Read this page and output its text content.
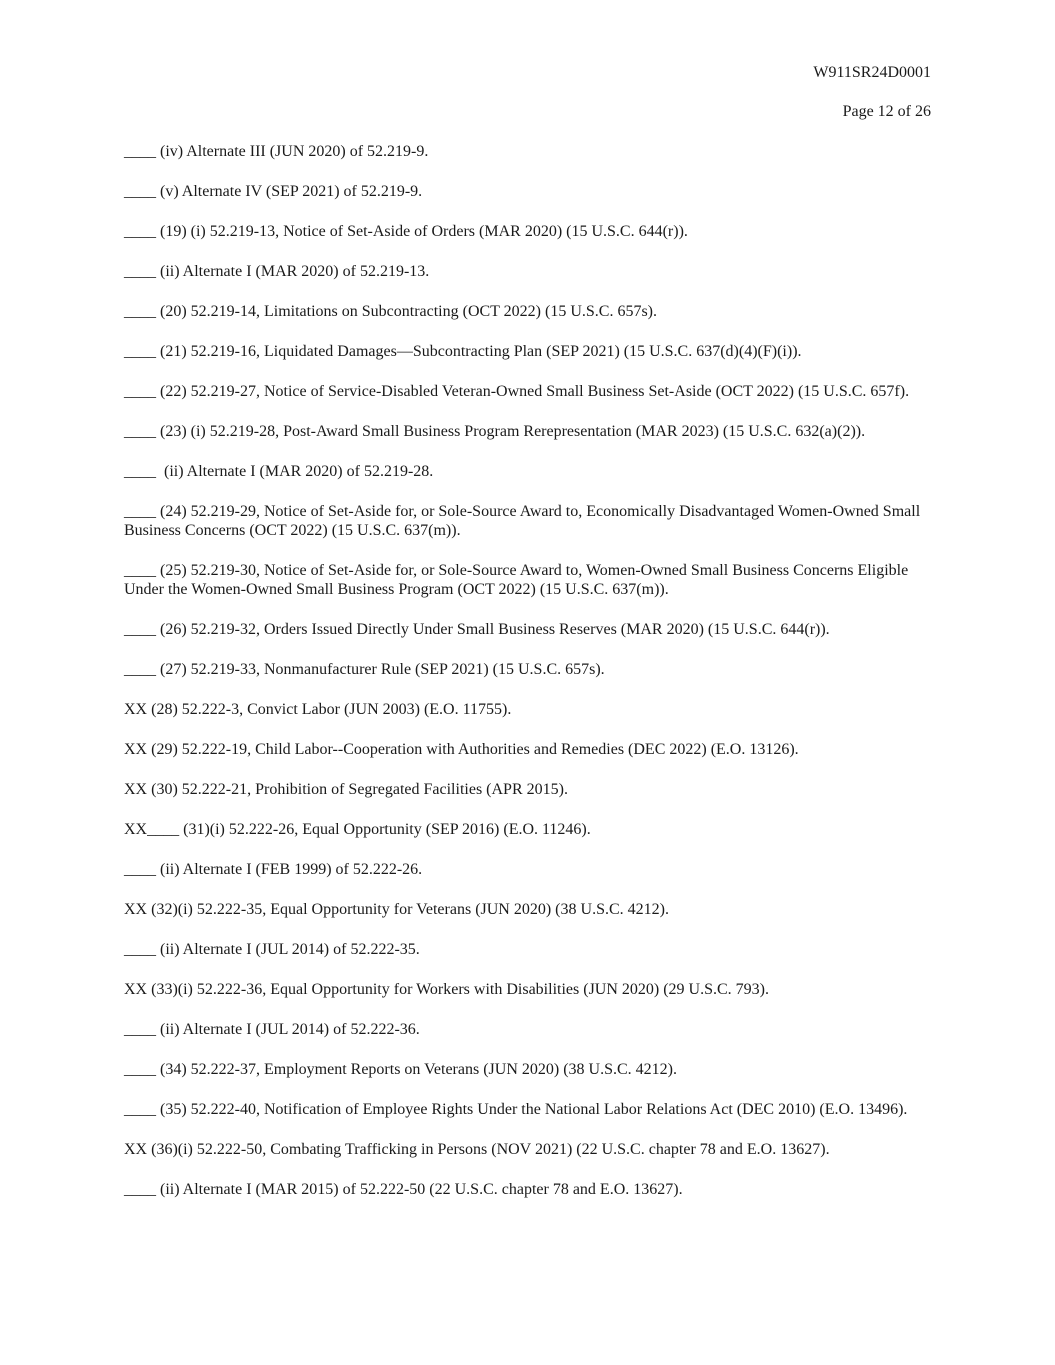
W911SR24D0001
Page 12 of 26

____ (iv) Alternate III (JUN 2020) of 52.219-9.

____ (v) Alternate IV (SEP 2021) of 52.219-9.

____ (19) (i) 52.219-13, Notice of Set-Aside of Orders (MAR 2020) (15 U.S.C. 644(r)).

____ (ii) Alternate I (MAR 2020) of 52.219-13.

____ (20) 52.219-14, Limitations on Subcontracting (OCT 2022) (15 U.S.C. 657s).

____ (21) 52.219-16, Liquidated Damages—Subcontracting Plan (SEP 2021) (15 U.S.C. 637(d)(4)(F)(i)).

____ (22) 52.219-27, Notice of Service-Disabled Veteran-Owned Small Business Set-Aside (OCT 2022) (15 U.S.C. 657f).

____ (23) (i) 52.219-28, Post-Award Small Business Program Rerepresentation (MAR 2023) (15 U.S.C. 632(a)(2)).

____  (ii) Alternate I (MAR 2020) of 52.219-28.

____ (24) 52.219-29, Notice of Set-Aside for, or Sole-Source Award to, Economically Disadvantaged Women-Owned Small Business Concerns (OCT 2022) (15 U.S.C. 637(m)).

____ (25) 52.219-30, Notice of Set-Aside for, or Sole-Source Award to, Women-Owned Small Business Concerns Eligible Under the Women-Owned Small Business Program (OCT 2022) (15 U.S.C. 637(m)).

____ (26) 52.219-32, Orders Issued Directly Under Small Business Reserves (MAR 2020) (15 U.S.C. 644(r)).

____ (27) 52.219-33, Nonmanufacturer Rule (SEP 2021) (15 U.S.C. 657s).

XX (28) 52.222-3, Convict Labor (JUN 2003) (E.O. 11755).

XX (29) 52.222-19, Child Labor--Cooperation with Authorities and Remedies (DEC 2022) (E.O. 13126).

XX (30) 52.222-21, Prohibition of Segregated Facilities (APR 2015).

XX____ (31)(i) 52.222-26, Equal Opportunity (SEP 2016) (E.O. 11246).

____ (ii) Alternate I (FEB 1999) of 52.222-26.

XX (32)(i) 52.222-35, Equal Opportunity for Veterans (JUN 2020) (38 U.S.C. 4212).

____ (ii) Alternate I (JUL 2014) of 52.222-35.

XX (33)(i) 52.222-36, Equal Opportunity for Workers with Disabilities (JUN 2020) (29 U.S.C. 793).

____ (ii) Alternate I (JUL 2014) of 52.222-36.

____ (34) 52.222-37, Employment Reports on Veterans (JUN 2020) (38 U.S.C. 4212).

____ (35) 52.222-40, Notification of Employee Rights Under the National Labor Relations Act (DEC 2010) (E.O. 13496).

XX (36)(i) 52.222-50, Combating Trafficking in Persons (NOV 2021) (22 U.S.C. chapter 78 and E.O. 13627).

____ (ii) Alternate I (MAR 2015) of 52.222-50 (22 U.S.C. chapter 78 and E.O. 13627).
